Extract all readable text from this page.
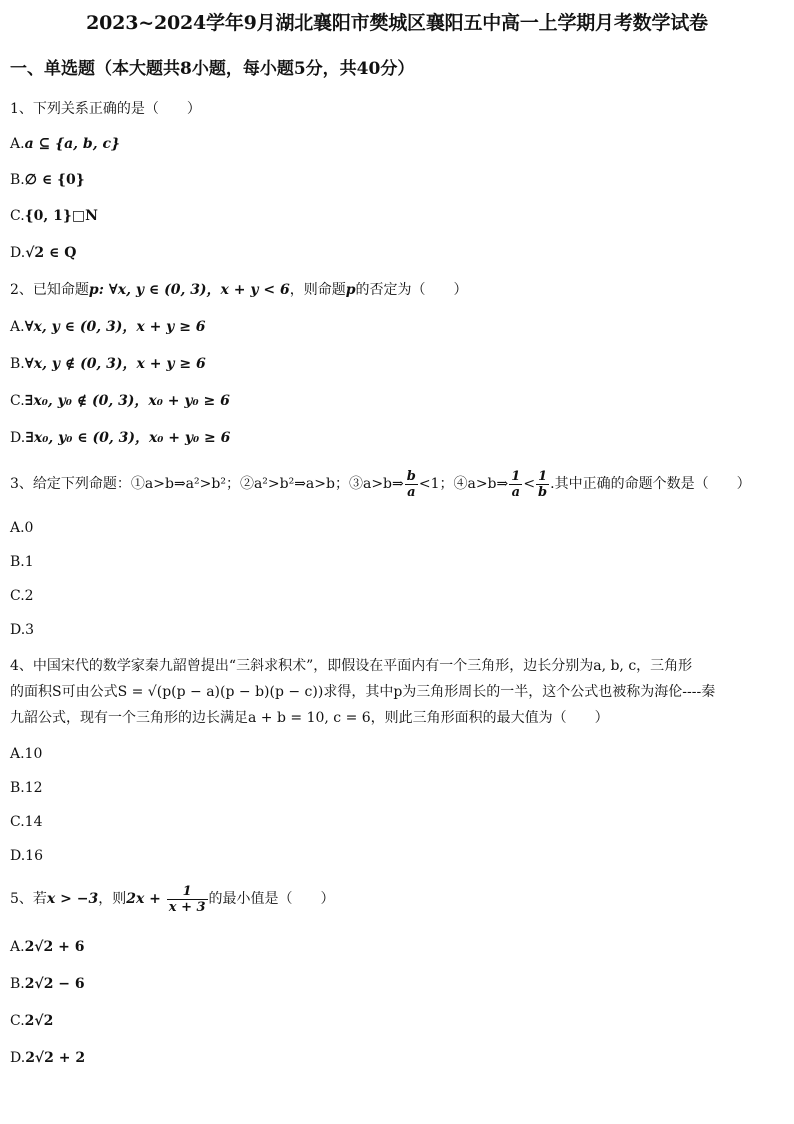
2023~2024学年9月湖北襄阳市樊城区襄阳五中高一上学期月考数学试卷
一、单选题（本大题共8小题，每小题5分，共40分）
1、下列关系正确的是（　　）
A.a ⊆ {a, b, c}
B.∅ ∈ {0}
C.{0, 1}□N
D.√2 ∈ Q
2、已知命题p: ∀x, y ∈ (0, 3)，x + y < 6，则命题p的否定为（　　）
A.∀x, y ∈ (0, 3)，x + y ≥ 6
B.∀x, y ∉ (0, 3)，x + y ≥ 6
C.∃x₀, y₀ ∉ (0, 3)，x₀ + y₀ ≥ 6
D.∃x₀, y₀ ∈ (0, 3)，x₀ + y₀ ≥ 6
3、给定下列命题：①a>b⇒a²>b²；②a²>b²⇒a>b；③a>b⇒ $\frac{b}{a} <1$；④a>b⇒ $\frac{1}{a} < \frac{1}{b}$ .其中正确的命题个数是（　　）
A.0
B.1
C.2
D.3
4、中国宋代的数学家秦九韶曾提出“三斜求积术”，即假设在平面内有一个三角形，边长分别为a, b, c，三角形
的面积S可由公式S = √(p(p − a)(p − b)(p − c))求得，其中p为三角形周长的一半，这个公式也被称为海伦----秦
九韶公式，现有一个三角形的边长满足a + b = 10, c = 6，则此三角形面积的最大值为（　　）
A.10
B.12
C.14
D.16
5、若x > −3，则$2x + \frac{1}{x + 3}$ 的最小值是（　　）
A.2√2 + 6
B.2√2 − 6
C.2√2
D.2√2 + 2
